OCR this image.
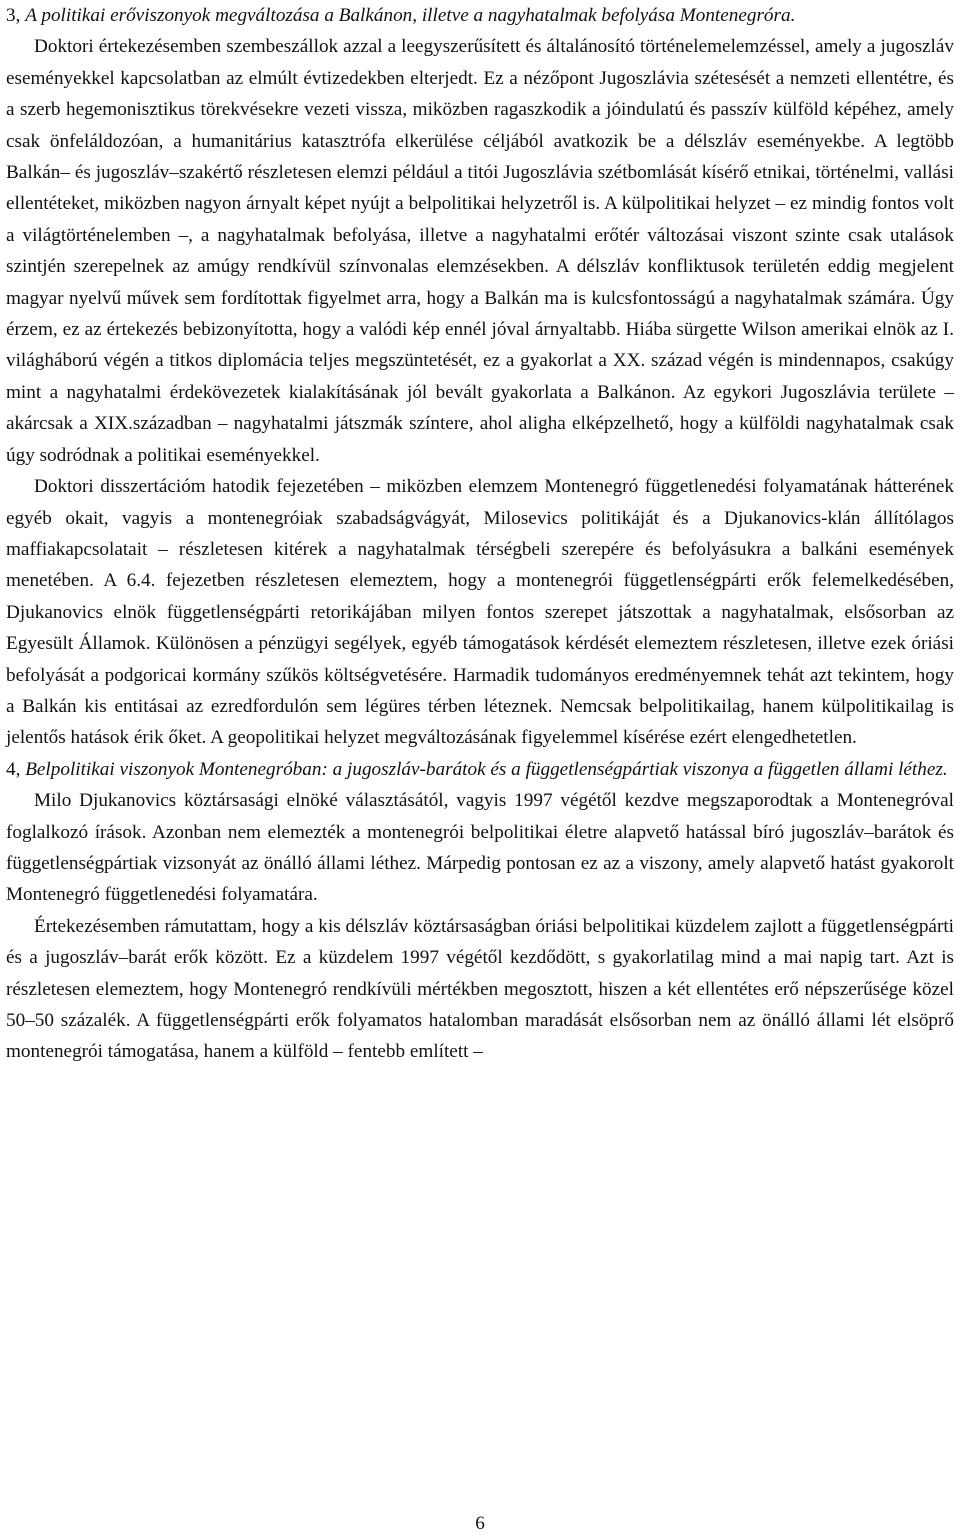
3, A politikai erőviszonyok megváltozása a Balkánon, illetve a nagyhatalmak befolyása Montenegróra.

Doktori értekezésemben szembeszállok azzal a leegyszerűsített és általánosító történelemelemzéssel, amely a jugoszláv eseményekkel kapcsolatban az elmúlt évtizedekben elterjedt. Ez a nézőpont Jugoszlávia szétesését a nemzeti ellentétre, és a szerb hegemonisztikus törekvésekre vezeti vissza, miközben ragaszkodik a jóindulatú és passzív külföld képéhez, amely csak önfeláldozóan, a humanitárius katasztrófa elkerülése céljából avatkozik be a délszláv eseményekbe. A legtöbb Balkán– és jugoszláv–szakértő részletesen elemzi például a titói Jugoszlávia szétbomlását kísérő etnikai, történelmi, vallási ellentéteket, miközben nagyon árnyalt képet nyújt a belpolitikai helyzetről is. A külpolitikai helyzet – ez mindig fontos volt a világtörténelemben –, a nagyhatalmak befolyása, illetve a nagyhatalmi erőtér változásai viszont szinte csak utalások szintjén szerepelnek az amúgy rendkívül színvonalas elemzésekben. A délszláv konfliktusok területén eddig megjelent magyar nyelvű művek sem fordítottak figyelmet arra, hogy a Balkán ma is kulcsfontosságú a nagyhatalmak számára. Úgy érzem, ez az értekezés bebizonyította, hogy a valódi kép ennél jóval árnyaltabb. Hiába sürgette Wilson amerikai elnök az I. világháború végén a titkos diplomácia teljes megszüntetését, ez a gyakorlat a XX. század végén is mindennapos, csakúgy mint a nagyhatalmi érdekövezetek kialakításának jól bevált gyakorlata a Balkánon. Az egykori Jugoszlávia területe – akárcsak a XIX.században – nagyhatalmi játszmák színtere, ahol aligha elképzelhető, hogy a külföldi nagyhatalmak csak úgy sodródnak a politikai eseményekkel.

Doktori disszertációm hatodik fejezetében – miközben elemzem Montenegró függetlenedési folyamatának hátterének egyéb okait, vagyis a montenegróiak szabadságvágyát, Milosevics politikáját és a Djukanovics-klán állítólagos maffiakapcsolatait – részletesen kitérek a nagyhatalmak térségbeli szerepére és befolyásukra a balkáni események menetében. A 6.4. fejezetben részletesen elemeztem, hogy a montenegrói függetlenségpárti erők felemelkedésében, Djukanovics elnök függetlenségpárti retorikájában milyen fontos szerepet játszottak a nagyhatalmak, elsősorban az Egyesült Államok. Különösen a pénzügyi segélyek, egyéb támogatások kérdését elemeztem részletesen, illetve ezek óriási befolyását a podgoricai kormány szűkös költségvetésére. Harmadik tudományos eredményemnek tehát azt tekintem, hogy a Balkán kis entitásai az ezredfordulón sem légüres térben léteznek. Nemcsak belpolitikailag, hanem külpolitikailag is jelentős hatások érik őket. A geopolitikai helyzet megváltozásának figyelemmel kísérése ezért elengedhetetlen.

4, Belpolitikai viszonyok Montenegróban: a jugoszláv-barátok és a függetlenségpártiak viszonya a független állami léthez.

Milo Djukanovics köztársasági elnöké választásától, vagyis 1997 végétől kezdve megszaporodtak a Montenegróval foglalkozó írások. Azonban nem elemezték a montenegrói belpolitikai életre alapvető hatással bíró jugoszláv–barátok és függetlenségpártiak vizsonyát az önálló állami léthez. Márpedig pontosan ez az a viszony, amely alapvető hatást gyakorolt Montenegró függetlenedési folyamatára.

Értekezésemben rámutattam, hogy a kis délszláv köztársaságban óriási belpolitikai küzdelem zajlott a függetlenségpárti és a jugoszláv–barát erők között. Ez a küzdelem 1997 végétől kezdődött, s gyakorlatilag mind a mai napig tart. Azt is részletesen elemeztem, hogy Montenegró rendkívüli mértékben megosztott, hiszen a két ellentétes erő népszerűsége közel 50–50 százalék. A függetlenségpárti erők folyamatos hatalomban maradását elsősorban nem az önálló állami lét elsöprő montenegrói támogatása, hanem a külföld – fentebb említett –

6
